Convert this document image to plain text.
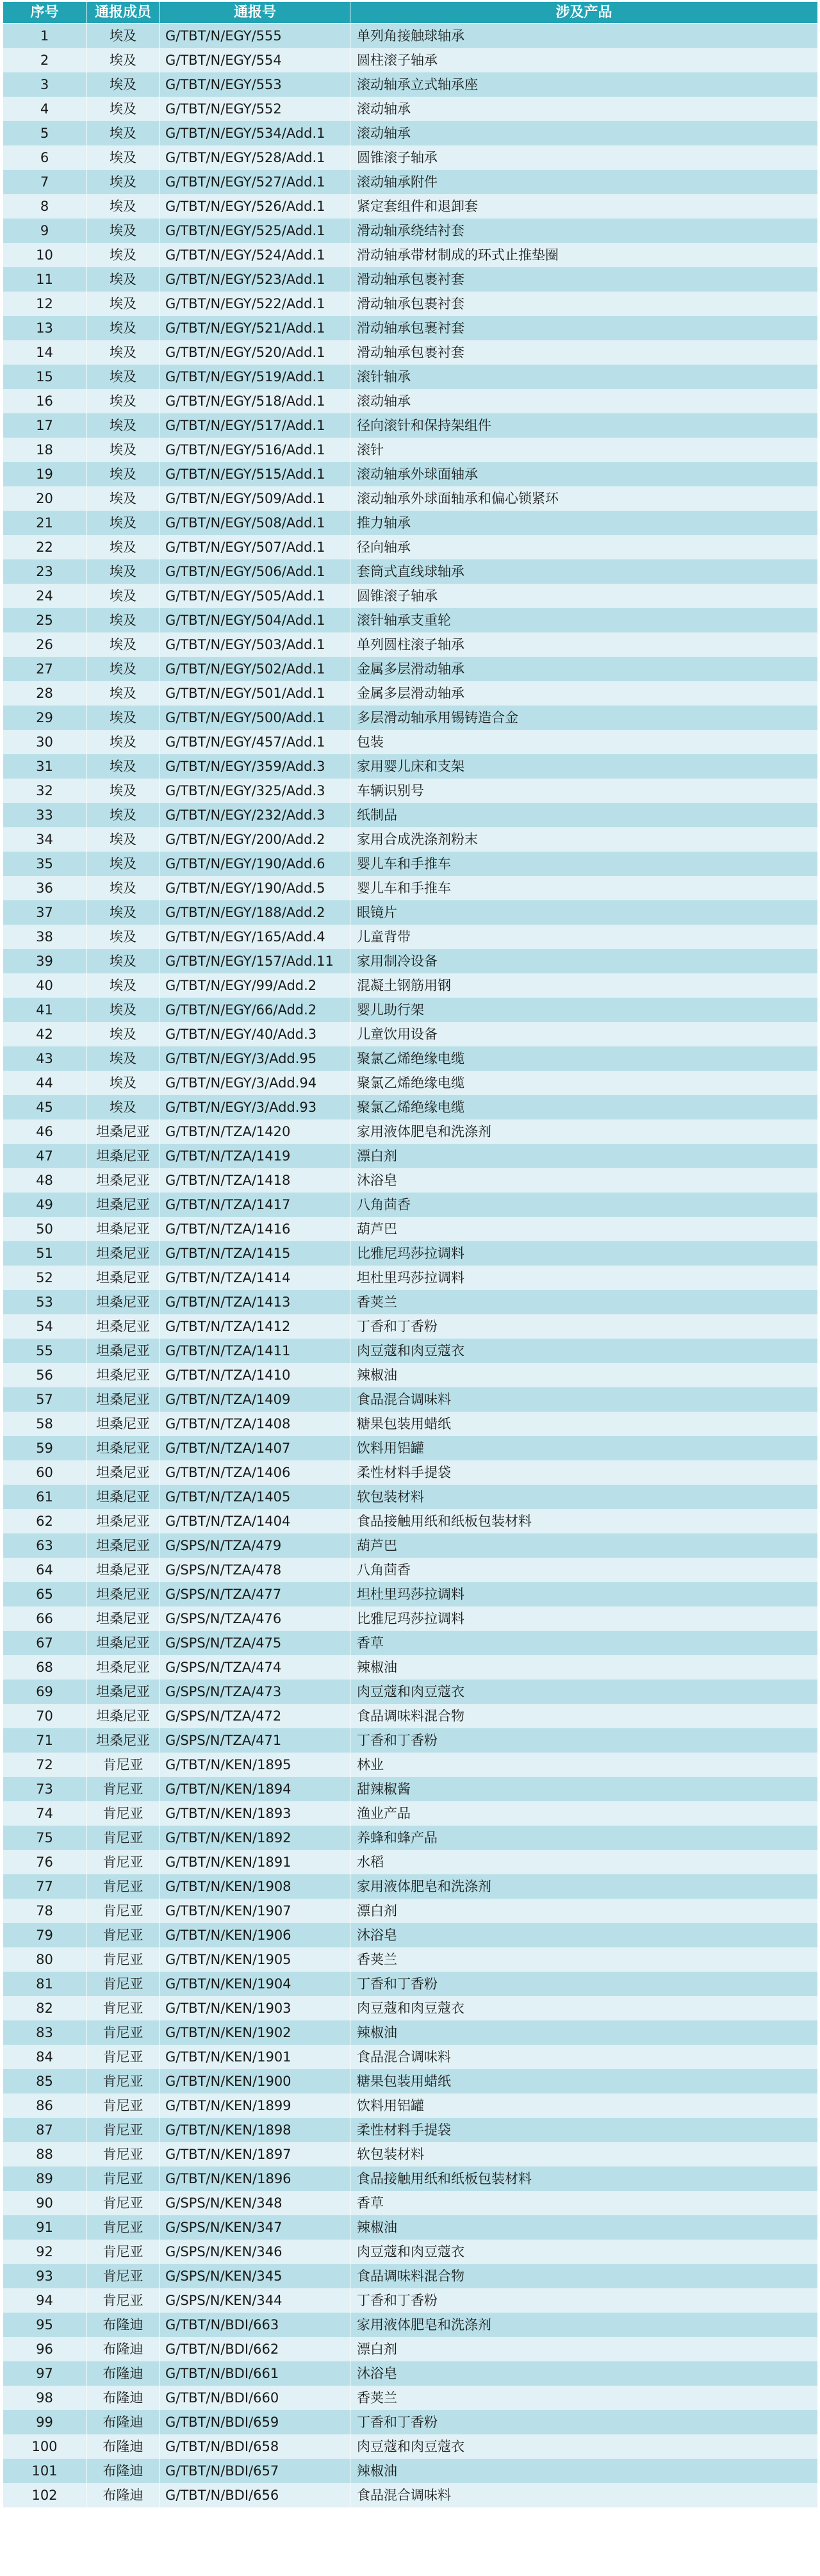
序号	通报成员	通报号	涉及产品
1	埃及	G/TBT/N/EGY/555	单列角接触球轴承
2	埃及	G/TBT/N/EGY/554	圆柱滚子轴承
3	埃及	G/TBT/N/EGY/553	滚动轴承立式轴承座
4	埃及	G/TBT/N/EGY/552	滚动轴承
5	埃及	G/TBT/N/EGY/534/Add.1	滚动轴承
6	埃及	G/TBT/N/EGY/528/Add.1	圆锥滚子轴承
7	埃及	G/TBT/N/EGY/527/Add.1	滚动轴承附件
8	埃及	G/TBT/N/EGY/526/Add.1	紧定套组件和退卸套
9	埃及	G/TBT/N/EGY/525/Add.1	滑动轴承绕结衬套
10	埃及	G/TBT/N/EGY/524/Add.1	滑动轴承带材制成的环式止推垫圈
11	埃及	G/TBT/N/EGY/523/Add.1	滑动轴承包裹衬套
12	埃及	G/TBT/N/EGY/522/Add.1	滑动轴承包裹衬套
13	埃及	G/TBT/N/EGY/521/Add.1	滑动轴承包裹衬套
14	埃及	G/TBT/N/EGY/520/Add.1	滑动轴承包裹衬套
15	埃及	G/TBT/N/EGY/519/Add.1	滚针轴承
16	埃及	G/TBT/N/EGY/518/Add.1	滚动轴承
17	埃及	G/TBT/N/EGY/517/Add.1	径向滚针和保持架组件
18	埃及	G/TBT/N/EGY/516/Add.1	滚针
19	埃及	G/TBT/N/EGY/515/Add.1	滚动轴承外球面轴承
20	埃及	G/TBT/N/EGY/509/Add.1	滚动轴承外球面轴承和偏心锁紧环
21	埃及	G/TBT/N/EGY/508/Add.1	推力轴承
22	埃及	G/TBT/N/EGY/507/Add.1	径向轴承
23	埃及	G/TBT/N/EGY/506/Add.1	套筒式直线球轴承
24	埃及	G/TBT/N/EGY/505/Add.1	圆锥滚子轴承
25	埃及	G/TBT/N/EGY/504/Add.1	滚针轴承支重轮
26	埃及	G/TBT/N/EGY/503/Add.1	单列圆柱滚子轴承
27	埃及	G/TBT/N/EGY/502/Add.1	金属多层滑动轴承
28	埃及	G/TBT/N/EGY/501/Add.1	金属多层滑动轴承
29	埃及	G/TBT/N/EGY/500/Add.1	多层滑动轴承用锡铸造合金
30	埃及	G/TBT/N/EGY/457/Add.1	包装
31	埃及	G/TBT/N/EGY/359/Add.3	家用婴儿床和支架
32	埃及	G/TBT/N/EGY/325/Add.3	车辆识别号
33	埃及	G/TBT/N/EGY/232/Add.3	纸制品
34	埃及	G/TBT/N/EGY/200/Add.2	家用合成洗涤剂粉末
35	埃及	G/TBT/N/EGY/190/Add.6	婴儿车和手推车
36	埃及	G/TBT/N/EGY/190/Add.5	婴儿车和手推车
37	埃及	G/TBT/N/EGY/188/Add.2	眼镜片
38	埃及	G/TBT/N/EGY/165/Add.4	儿童背带
39	埃及	G/TBT/N/EGY/157/Add.11	家用制冷设备
40	埃及	G/TBT/N/EGY/99/Add.2	混凝土钢筋用钢
41	埃及	G/TBT/N/EGY/66/Add.2	婴儿助行架
42	埃及	G/TBT/N/EGY/40/Add.3	儿童饮用设备
43	埃及	G/TBT/N/EGY/3/Add.95	聚氯乙烯绝缘电缆
44	埃及	G/TBT/N/EGY/3/Add.94	聚氯乙烯绝缘电缆
45	埃及	G/TBT/N/EGY/3/Add.93	聚氯乙烯绝缘电缆
46	坦桑尼亚	G/TBT/N/TZA/1420	家用液体肥皂和洗涤剂
47	坦桑尼亚	G/TBT/N/TZA/1419	漂白剂
48	坦桑尼亚	G/TBT/N/TZA/1418	沐浴皂
49	坦桑尼亚	G/TBT/N/TZA/1417	八角茴香
50	坦桑尼亚	G/TBT/N/TZA/1416	葫芦巴
51	坦桑尼亚	G/TBT/N/TZA/1415	比雅尼玛莎拉调料
52	坦桑尼亚	G/TBT/N/TZA/1414	坦杜里玛莎拉调料
53	坦桑尼亚	G/TBT/N/TZA/1413	香荚兰
54	坦桑尼亚	G/TBT/N/TZA/1412	丁香和丁香粉
55	坦桑尼亚	G/TBT/N/TZA/1411	肉豆蔻和肉豆蔻衣
56	坦桑尼亚	G/TBT/N/TZA/1410	辣椒油
57	坦桑尼亚	G/TBT/N/TZA/1409	食品混合调味料
58	坦桑尼亚	G/TBT/N/TZA/1408	糖果包装用蜡纸
59	坦桑尼亚	G/TBT/N/TZA/1407	饮料用铝罐
60	坦桑尼亚	G/TBT/N/TZA/1406	柔性材料手提袋
61	坦桑尼亚	G/TBT/N/TZA/1405	软包装材料
62	坦桑尼亚	G/TBT/N/TZA/1404	食品接触用纸和纸板包装材料
63	坦桑尼亚	G/SPS/N/TZA/479	葫芦巴
64	坦桑尼亚	G/SPS/N/TZA/478	八角茴香
65	坦桑尼亚	G/SPS/N/TZA/477	坦杜里玛莎拉调料
66	坦桑尼亚	G/SPS/N/TZA/476	比雅尼玛莎拉调料
67	坦桑尼亚	G/SPS/N/TZA/475	香草
68	坦桑尼亚	G/SPS/N/TZA/474	辣椒油
69	坦桑尼亚	G/SPS/N/TZA/473	肉豆蔻和肉豆蔻衣
70	坦桑尼亚	G/SPS/N/TZA/472	食品调味料混合物
71	坦桑尼亚	G/SPS/N/TZA/471	丁香和丁香粉
72	肯尼亚	G/TBT/N/KEN/1895	林业
73	肯尼亚	G/TBT/N/KEN/1894	甜辣椒酱
74	肯尼亚	G/TBT/N/KEN/1893	渔业产品
75	肯尼亚	G/TBT/N/KEN/1892	养蜂和蜂产品
76	肯尼亚	G/TBT/N/KEN/1891	水稻
77	肯尼亚	G/TBT/N/KEN/1908	家用液体肥皂和洗涤剂
78	肯尼亚	G/TBT/N/KEN/1907	漂白剂
79	肯尼亚	G/TBT/N/KEN/1906	沐浴皂
80	肯尼亚	G/TBT/N/KEN/1905	香荚兰
81	肯尼亚	G/TBT/N/KEN/1904	丁香和丁香粉
82	肯尼亚	G/TBT/N/KEN/1903	肉豆蔻和肉豆蔻衣
83	肯尼亚	G/TBT/N/KEN/1902	辣椒油
84	肯尼亚	G/TBT/N/KEN/1901	食品混合调味料
85	肯尼亚	G/TBT/N/KEN/1900	糖果包装用蜡纸
86	肯尼亚	G/TBT/N/KEN/1899	饮料用铝罐
87	肯尼亚	G/TBT/N/KEN/1898	柔性材料手提袋
88	肯尼亚	G/TBT/N/KEN/1897	软包装材料
89	肯尼亚	G/TBT/N/KEN/1896	食品接触用纸和纸板包装材料
90	肯尼亚	G/SPS/N/KEN/348	香草
91	肯尼亚	G/SPS/N/KEN/347	辣椒油
92	肯尼亚	G/SPS/N/KEN/346	肉豆蔻和肉豆蔻衣
93	肯尼亚	G/SPS/N/KEN/345	食品调味料混合物
94	肯尼亚	G/SPS/N/KEN/344	丁香和丁香粉
95	布隆迪	G/TBT/N/BDI/663	家用液体肥皂和洗涤剂
96	布隆迪	G/TBT/N/BDI/662	漂白剂
97	布隆迪	G/TBT/N/BDI/661	沐浴皂
98	布隆迪	G/TBT/N/BDI/660	香荚兰
99	布隆迪	G/TBT/N/BDI/659	丁香和丁香粉
100	布隆迪	G/TBT/N/BDI/658	肉豆蔻和肉豆蔻衣
101	布隆迪	G/TBT/N/BDI/657	辣椒油
102	布隆迪	G/TBT/N/BDI/656	食品混合调味料
